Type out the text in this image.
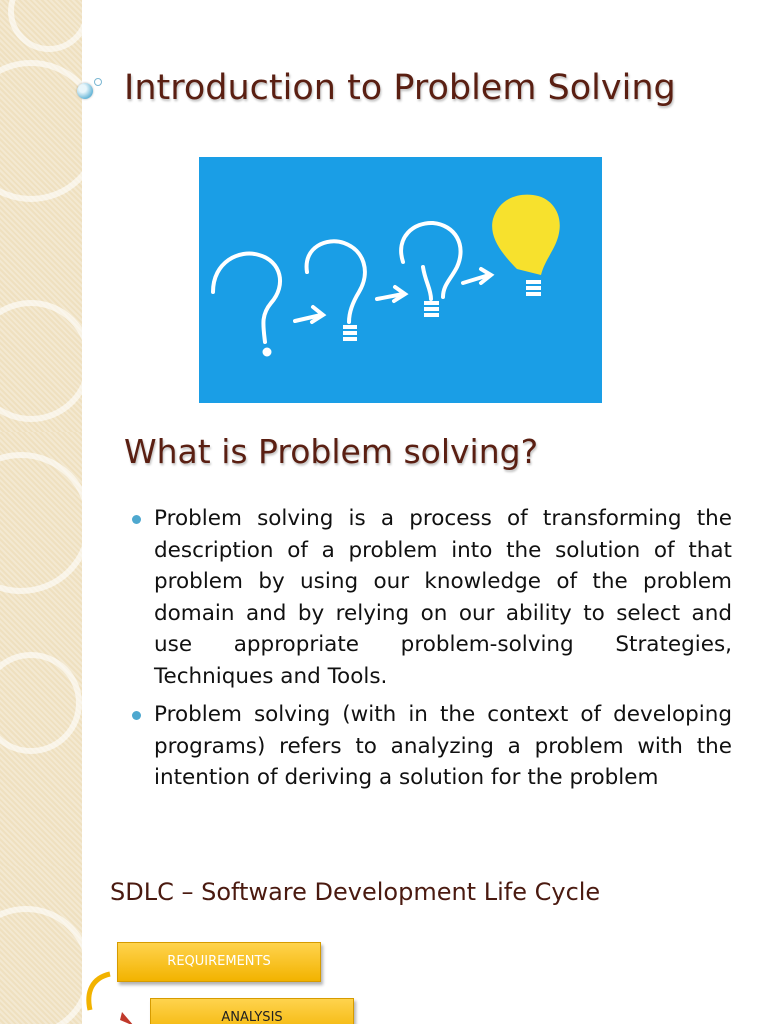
Introduction to Problem Solving
What is Problem solving?
Problem solving is a process of transforming the description of a problem into the solution of that problem by using our knowledge of the problem domain and by relying on our ability to select and use appropriate problem-solving Strategies, Techniques and Tools.
Problem solving (with in the context of developing programs) refers to analyzing a problem with the intention of deriving a solution for the problem
SDLC – Software Development Life Cycle
REQUIREMENTS
ANALYSIS
